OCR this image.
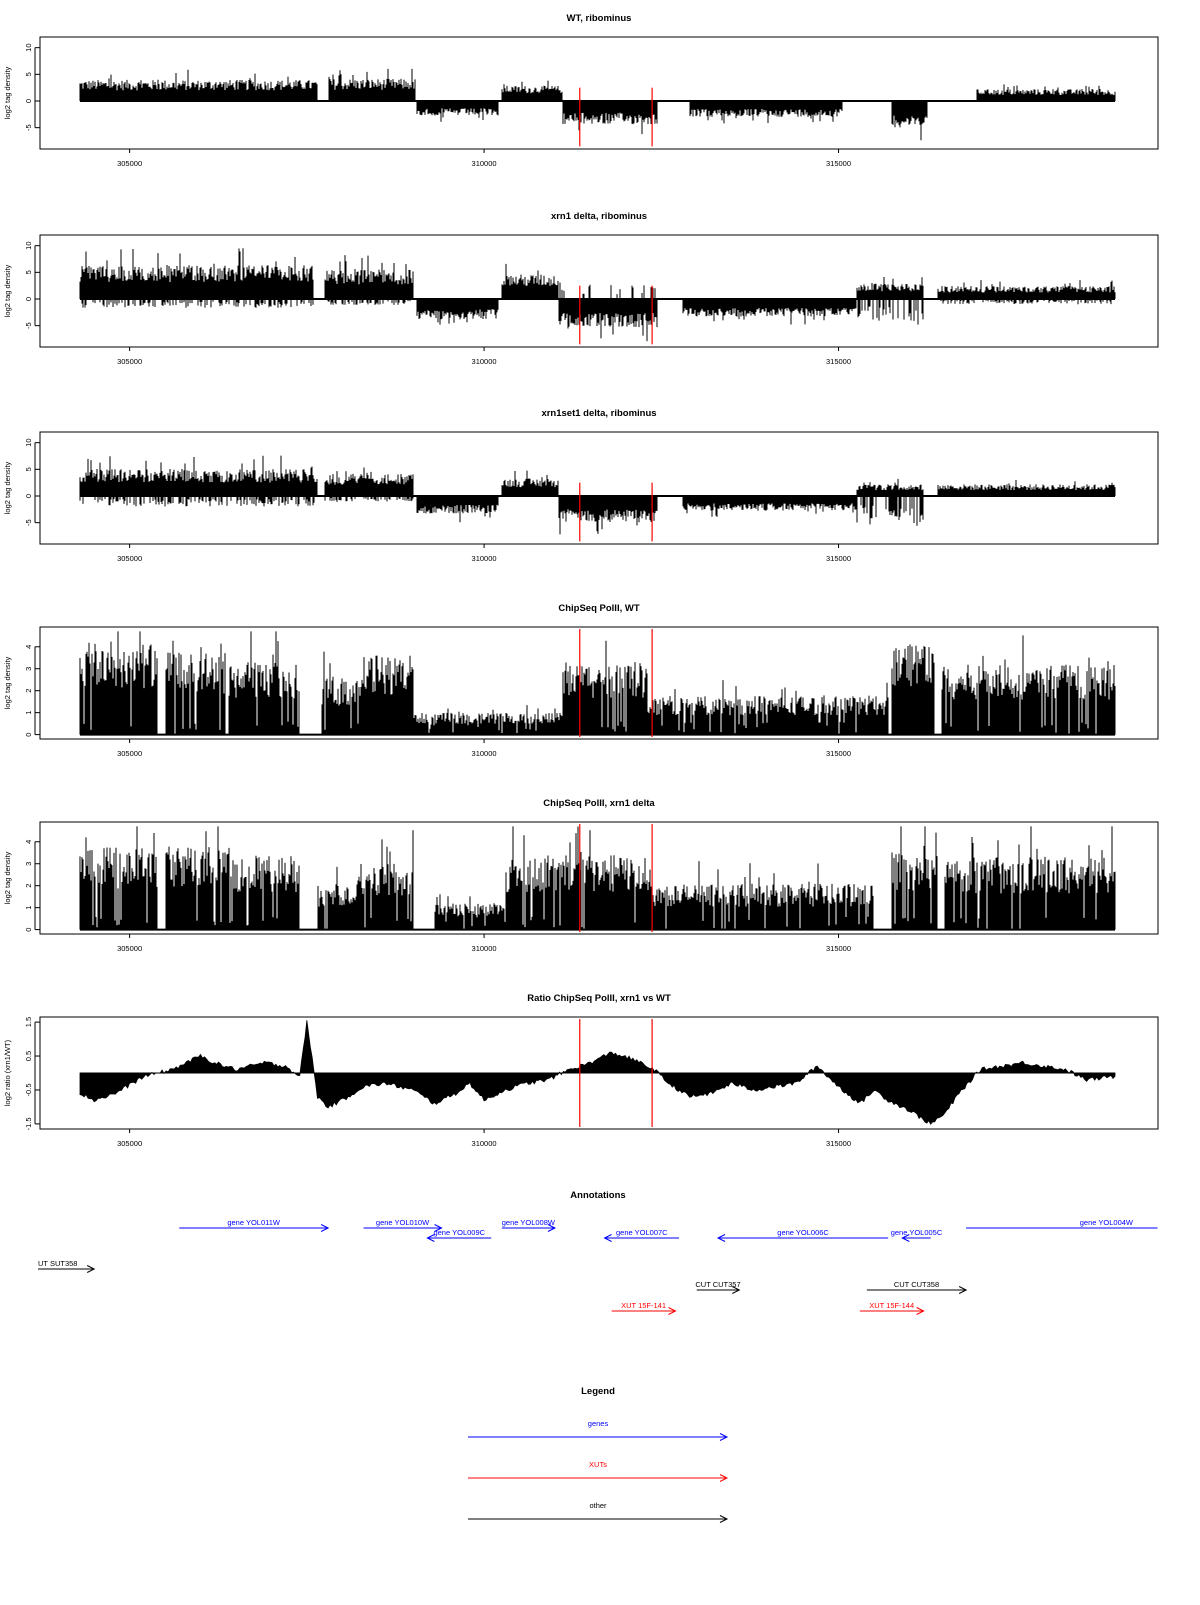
WT, ribominus
log2 tag density
-5
0
5
10
305000	310000	315000
xrn1 delta, ribominus
log2 tag density
-5
0
5
10
305000	310000	315000
xrn1set1 delta, ribominus
log2 tag density
-5
0
5
10
305000	310000	315000
ChipSeq PolII, WT
log2 tag density
0
1
2
3
4
305000	310000	315000
ChipSeq PolII, xrn1 delta
log2 tag density
0
1
2
3
4
305000	310000	315000
Ratio ChipSeq PolII, xrn1 vs WT
log2 ratio (xrn1/WT)
-1.5
-0.5
0.5
1.5
305000	310000	315000
Annotations
gene YOL011W	gene YOL010W
gene YOL009C
gene YOL008W
gene YOL007C	gene YOL006C	gene YOL005C
gene YOL004W
UT SUT358
CUT CUT357	CUT CUT358
XUT 15F-141	XUT 15F-144
Legend
genes
XUTs
other
